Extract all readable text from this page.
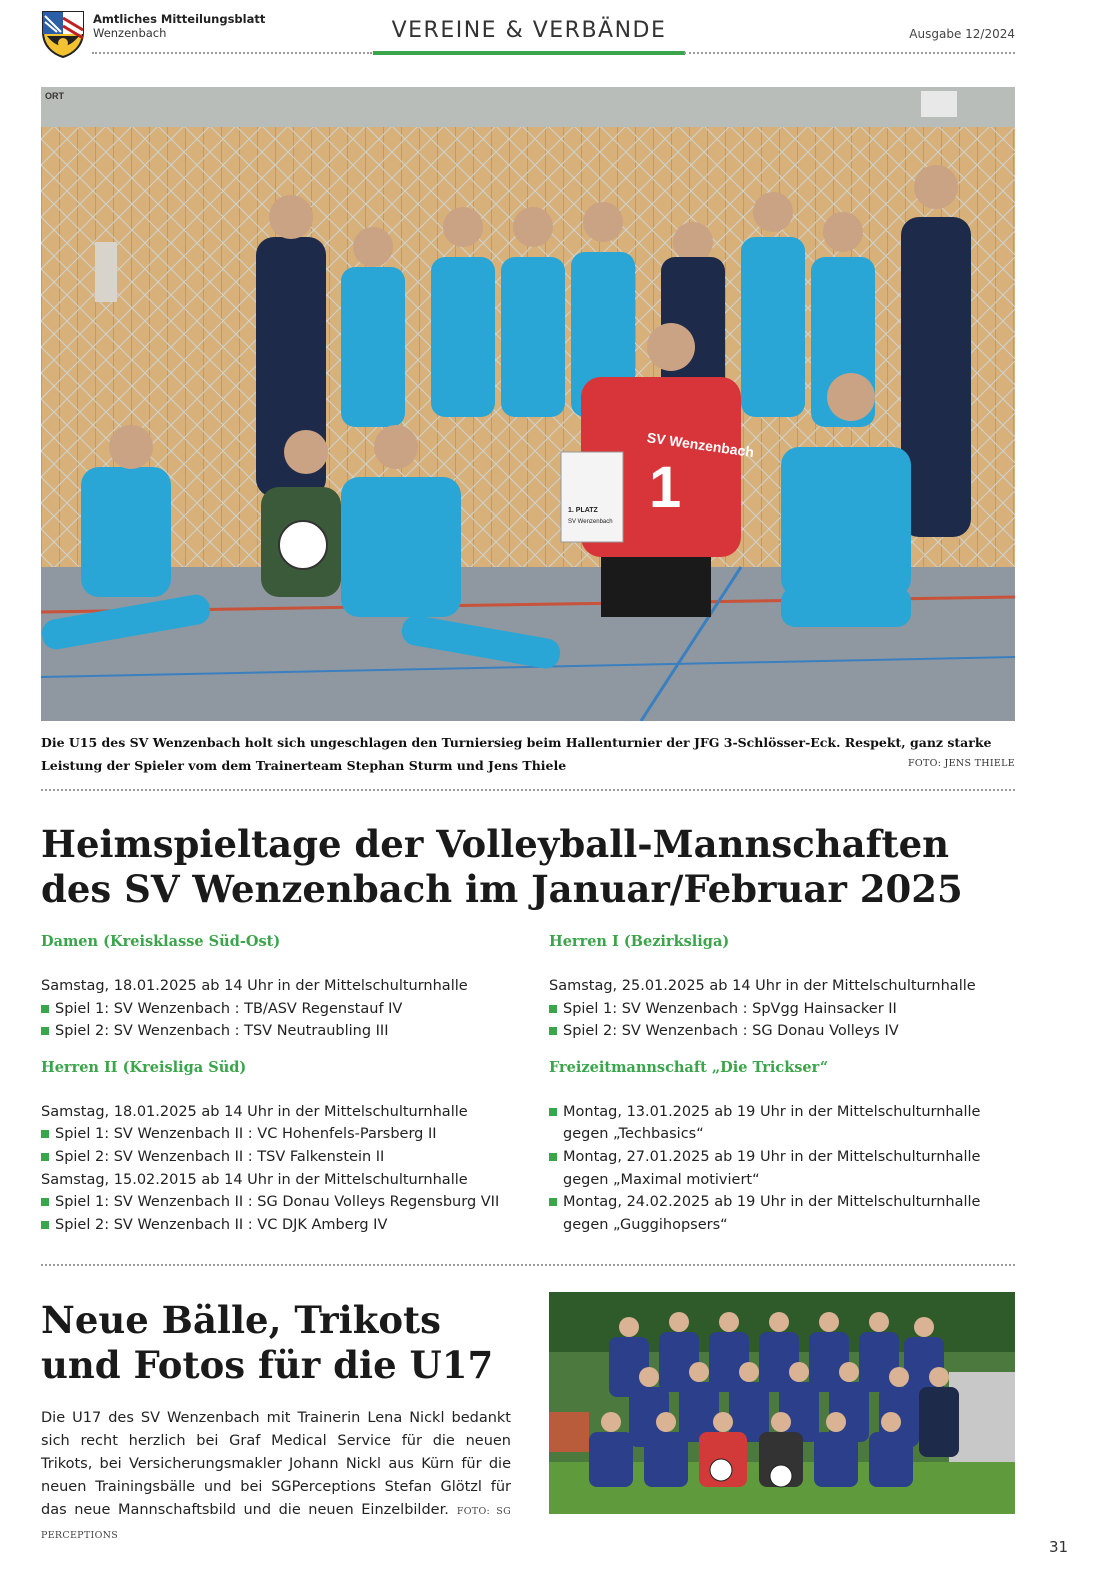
Amtliches Mitteilungsblatt
Wenzenbach	VEREINE & VERBÄNDE	Ausgabe 12/2024
ORT
SV Wenzenbach
1
1. PLATZ
SV Wenzenbach
Die U15 des SV Wenzenbach holt sich ungeschlagen den Turniersieg beim Hallenturnier der JFG 3-Schlösser-Eck. Respekt, ganz starke Leistung der Spieler vom dem Trainerteam Stephan Sturm und Jens Thiele	FOTO: JENS THIELE
Heimspieltage der Volleyball-Mannschaften des SV Wenzenbach im Januar/Februar 2025
Damen (Kreisklasse Süd-Ost)
Samstag, 18.01.2025 ab 14 Uhr in der Mittelschulturnhalle
Spiel 1: SV Wenzenbach : TB/ASV Regenstauf IV
Spiel 2: SV Wenzenbach : TSV Neutraubling III
Herren II (Kreisliga Süd)
Samstag, 18.01.2025 ab 14 Uhr in der Mittelschulturnhalle
Spiel 1: SV Wenzenbach II : VC Hohenfels-Parsberg II
Spiel 2: SV Wenzenbach II : TSV Falkenstein II
Samstag, 15.02.2015 ab 14 Uhr in der Mittelschulturnhalle
Spiel 1: SV Wenzenbach II : SG Donau Volleys Regensburg VII
Spiel 2: SV Wenzenbach II : VC DJK Amberg IV
Herren I (Bezirksliga)
Samstag, 25.01.2025 ab 14 Uhr in der Mittelschulturnhalle
Spiel 1: SV Wenzenbach : SpVgg Hainsacker II
Spiel 2: SV Wenzenbach : SG Donau Volleys IV
Freizeitmannschaft „Die Trickser“
Montag, 13.01.2025 ab 19 Uhr in der Mittelschulturnhalle gegen „Techbasics“
Montag, 27.01.2025 ab 19 Uhr in der Mittelschulturnhalle gegen „Maximal motiviert“
Montag, 24.02.2025 ab 19 Uhr in der Mittelschulturnhalle gegen „Guggihopsers“
Neue Bälle, Trikots und Fotos für die U17
Die U17 des SV Wenzenbach mit Trainerin Lena Nickl bedankt sich recht herzlich bei Graf Medical Service für die neuen Trikots, bei Versicherungsmakler Johann Nickl aus Kürn für die neuen Trainingsbälle und bei SGPerceptions Stefan Glötzl für das neue Mannschaftsbild und die neuen Einzelbilder. FOTO: SG PERCEPTIONS
31
